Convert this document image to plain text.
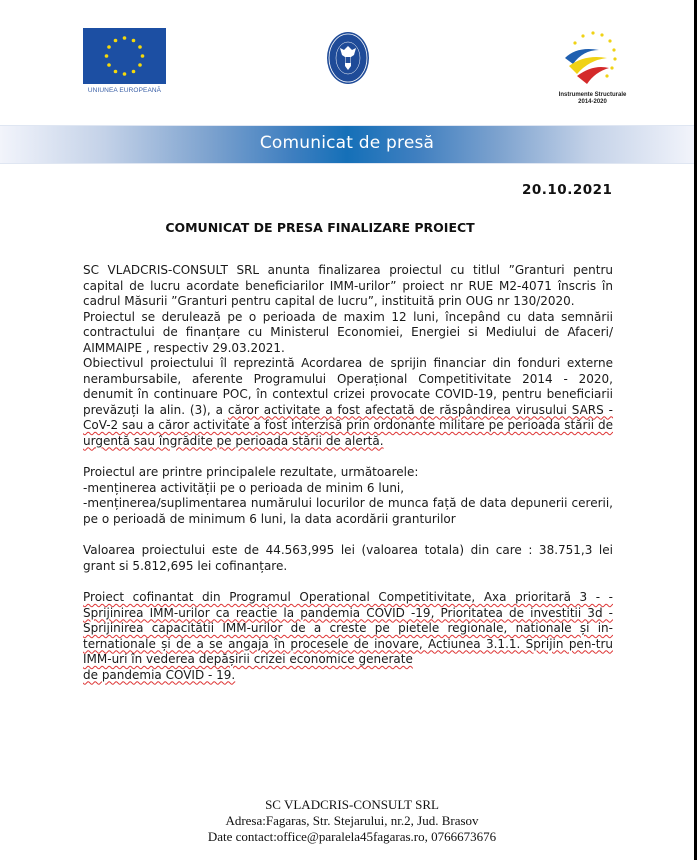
UNIUNEA EUROPEANĂ
Instrumente Structurale
2014-2020
Comunicat de presă
20.10.2021
COMUNICAT DE PRESA FINALIZARE PROIECT

SC VLADCRIS-CONSULT SRL anunta finalizarea proiectul cu titlul ”Granturi pentru capital de lucru acordate beneficiarilor IMM-urilor” proiect nr RUE M2-4071 înscris în cadrul Măsurii ”Granturi pentru capital de lucru”, instituită prin OUG nr 130/2020.

Proiectul se derulează pe o perioada de maxim 12 luni, începând cu data semnării contractului de finanțare cu Ministerul Economiei, Energiei si Mediului de Afaceri/ AIMMAIPE , respectiv 29.03.2021.

Obiectivul proiectului îl reprezintă Acordarea de sprijin financiar din fonduri externe nerambursabile, aferente Programului Operațional Competitivitate 2014 - 2020, denumit în continuare POC, în contextul crizei provocate COVID-19, pentru beneficiarii prevăzuți la alin. (3), a căror activitate a fost afectată de răspândirea virusului SARS - CoV-2 sau a căror activitate a fost interzisă prin ordonante militare pe perioada stării de urgentă sau îngrădite pe perioada stării de alertă.

Proiectul are printre principalele rezultate, următoarele:

-menținerea activității pe o perioada de minim 6 luni,

-menținerea/suplimentarea numărului locurilor de munca față de data depunerii cererii, pe o perioadă de minimum 6 luni, la data acordării granturilor

Valoarea proiectului este de 44.563,995 lei (valoarea totala) din care : 38.751,3 lei grant si 5.812,695 lei cofinanțare.

Proiect cofinantat din Programul Operational Competitivitate, Axa prioritară 3 - - Sprijinirea IMM-urilor ca reactie la pandemia COVID -19, Prioritatea de investitii 3d - Sprijinirea capacitătii IMM-urilor de a creste pe pietele regionale, nationale și in-ternationale și de a se angaja în procesele de inovare, Actiunea 3.1.1. Sprijin pen-tru IMM-uri în vederea depășirii crizei economice generate

de pandemia COVID - 19.

SC VLADCRIS-CONSULT SRL
Adresa:Fagaras, Str. Stejarului, nr.2, Jud. Brasov
Date contact:office@paralela45fagaras.ro, 0766673676
